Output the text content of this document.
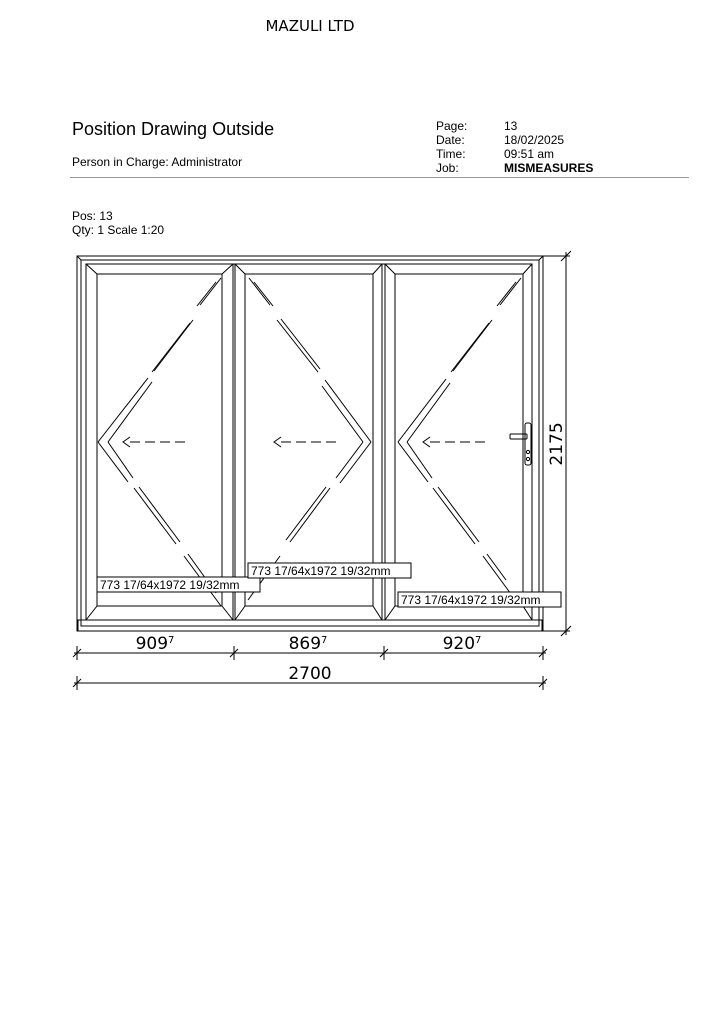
MAZULI LTD
Position Drawing Outside
Person in Charge: Administrator
Page:	13
Date:	18/02/2025
Time:	09:51 am
Job:	MISMEASURES
Pos: 13
Qty: 1 Scale 1:20
773 17/64x1972 19/32mm
773 17/64x1972 19/32mm
773 17/64x1972 19/32mm
2175
$909^7$	$869^7$	$920^7$
2700
